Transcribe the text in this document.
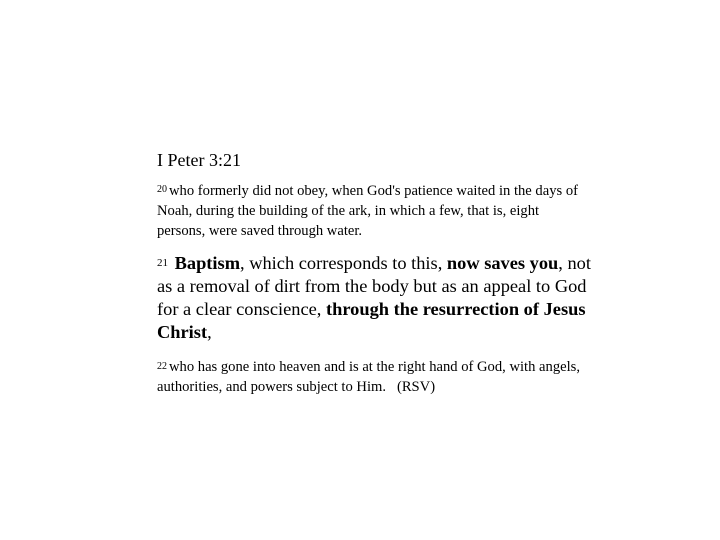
I Peter 3:21

$^{20}$ who formerly did not obey, when God's patience waited in the days of Noah, during the building of the ark, in which a few, that is, eight persons, were saved through water.

$^{21}$ Baptism, which corresponds to this, now saves you, not as a removal of dirt from the body but as an appeal to God for a clear conscience, through the resurrection of Jesus Christ,

$^{22}$ who has gone into heaven and is at the right hand of God, with angels, authorities, and powers subject to Him. (RSV)
